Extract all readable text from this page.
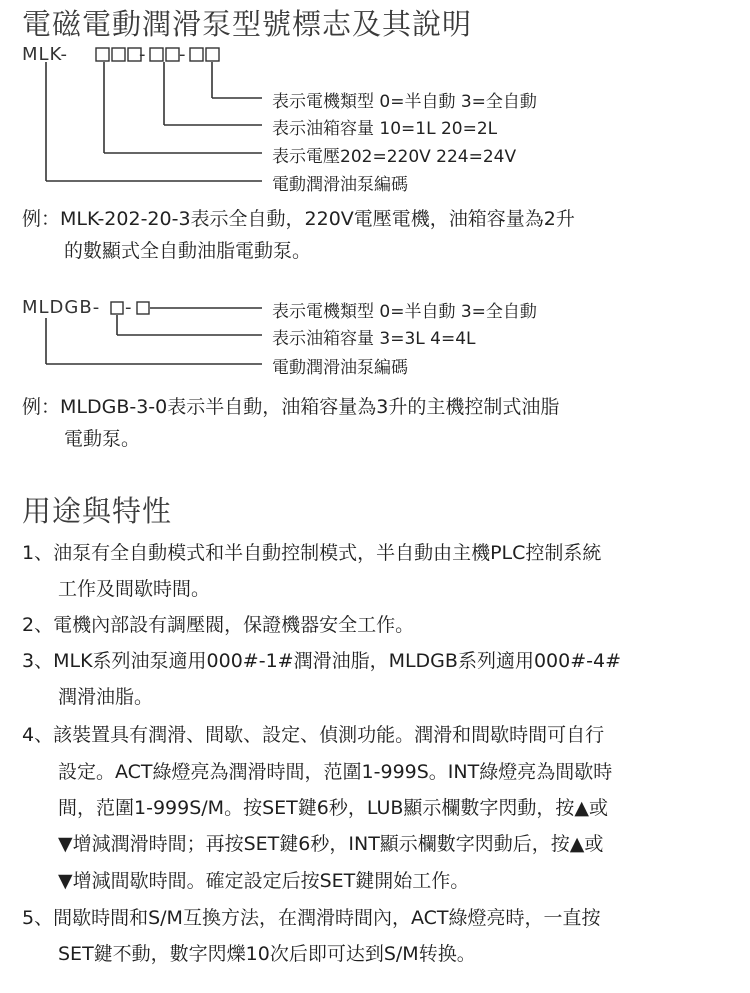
電磁電動潤滑泵型號標志及其說明
MLK-	- -
表示電機類型 0=半自動 3=全自動
表示油箱容量 10=1L 20=2L
表示電壓202=220V 224=24V
電動潤滑油泵編碼
例：MLK-202-20-3表示全自動，220V電壓電機，油箱容量為2升
的數顯式全自動油脂電動泵。
MLDGB- -	表示電機類型 0=半自動 3=全自動
表示油箱容量 3=3L 4=4L
電動潤滑油泵編碼
例：MLDGB-3-0表示半自動，油箱容量為3升的主機控制式油脂
電動泵。
用途與特性
1、油泵有全自動模式和半自動控制模式，半自動由主機PLC控制系統
工作及間歇時間。
2、電機內部設有調壓閥，保證機器安全工作。
3、MLK系列油泵適用000#-1#潤滑油脂，MLDGB系列適用000#-4#
潤滑油脂。
4、該裝置具有潤滑、間歇、設定、偵測功能。潤滑和間歇時間可自行
設定。ACT綠燈亮為潤滑時間，范圍1-999S。INT綠燈亮為間歇時
間，范圍1-999S/M。按SET鍵6秒，LUB顯示欄數字閃動，按▲或
▼增減潤滑時間；再按SET鍵6秒，INT顯示欄數字閃動后，按▲或
▼增減間歇時間。確定設定后按SET鍵開始工作。
5、間歇時間和S/M互換方法，在潤滑時間內，ACT綠燈亮時，一直按
SET鍵不動，數字閃爍10次后即可达到S/M转换。
